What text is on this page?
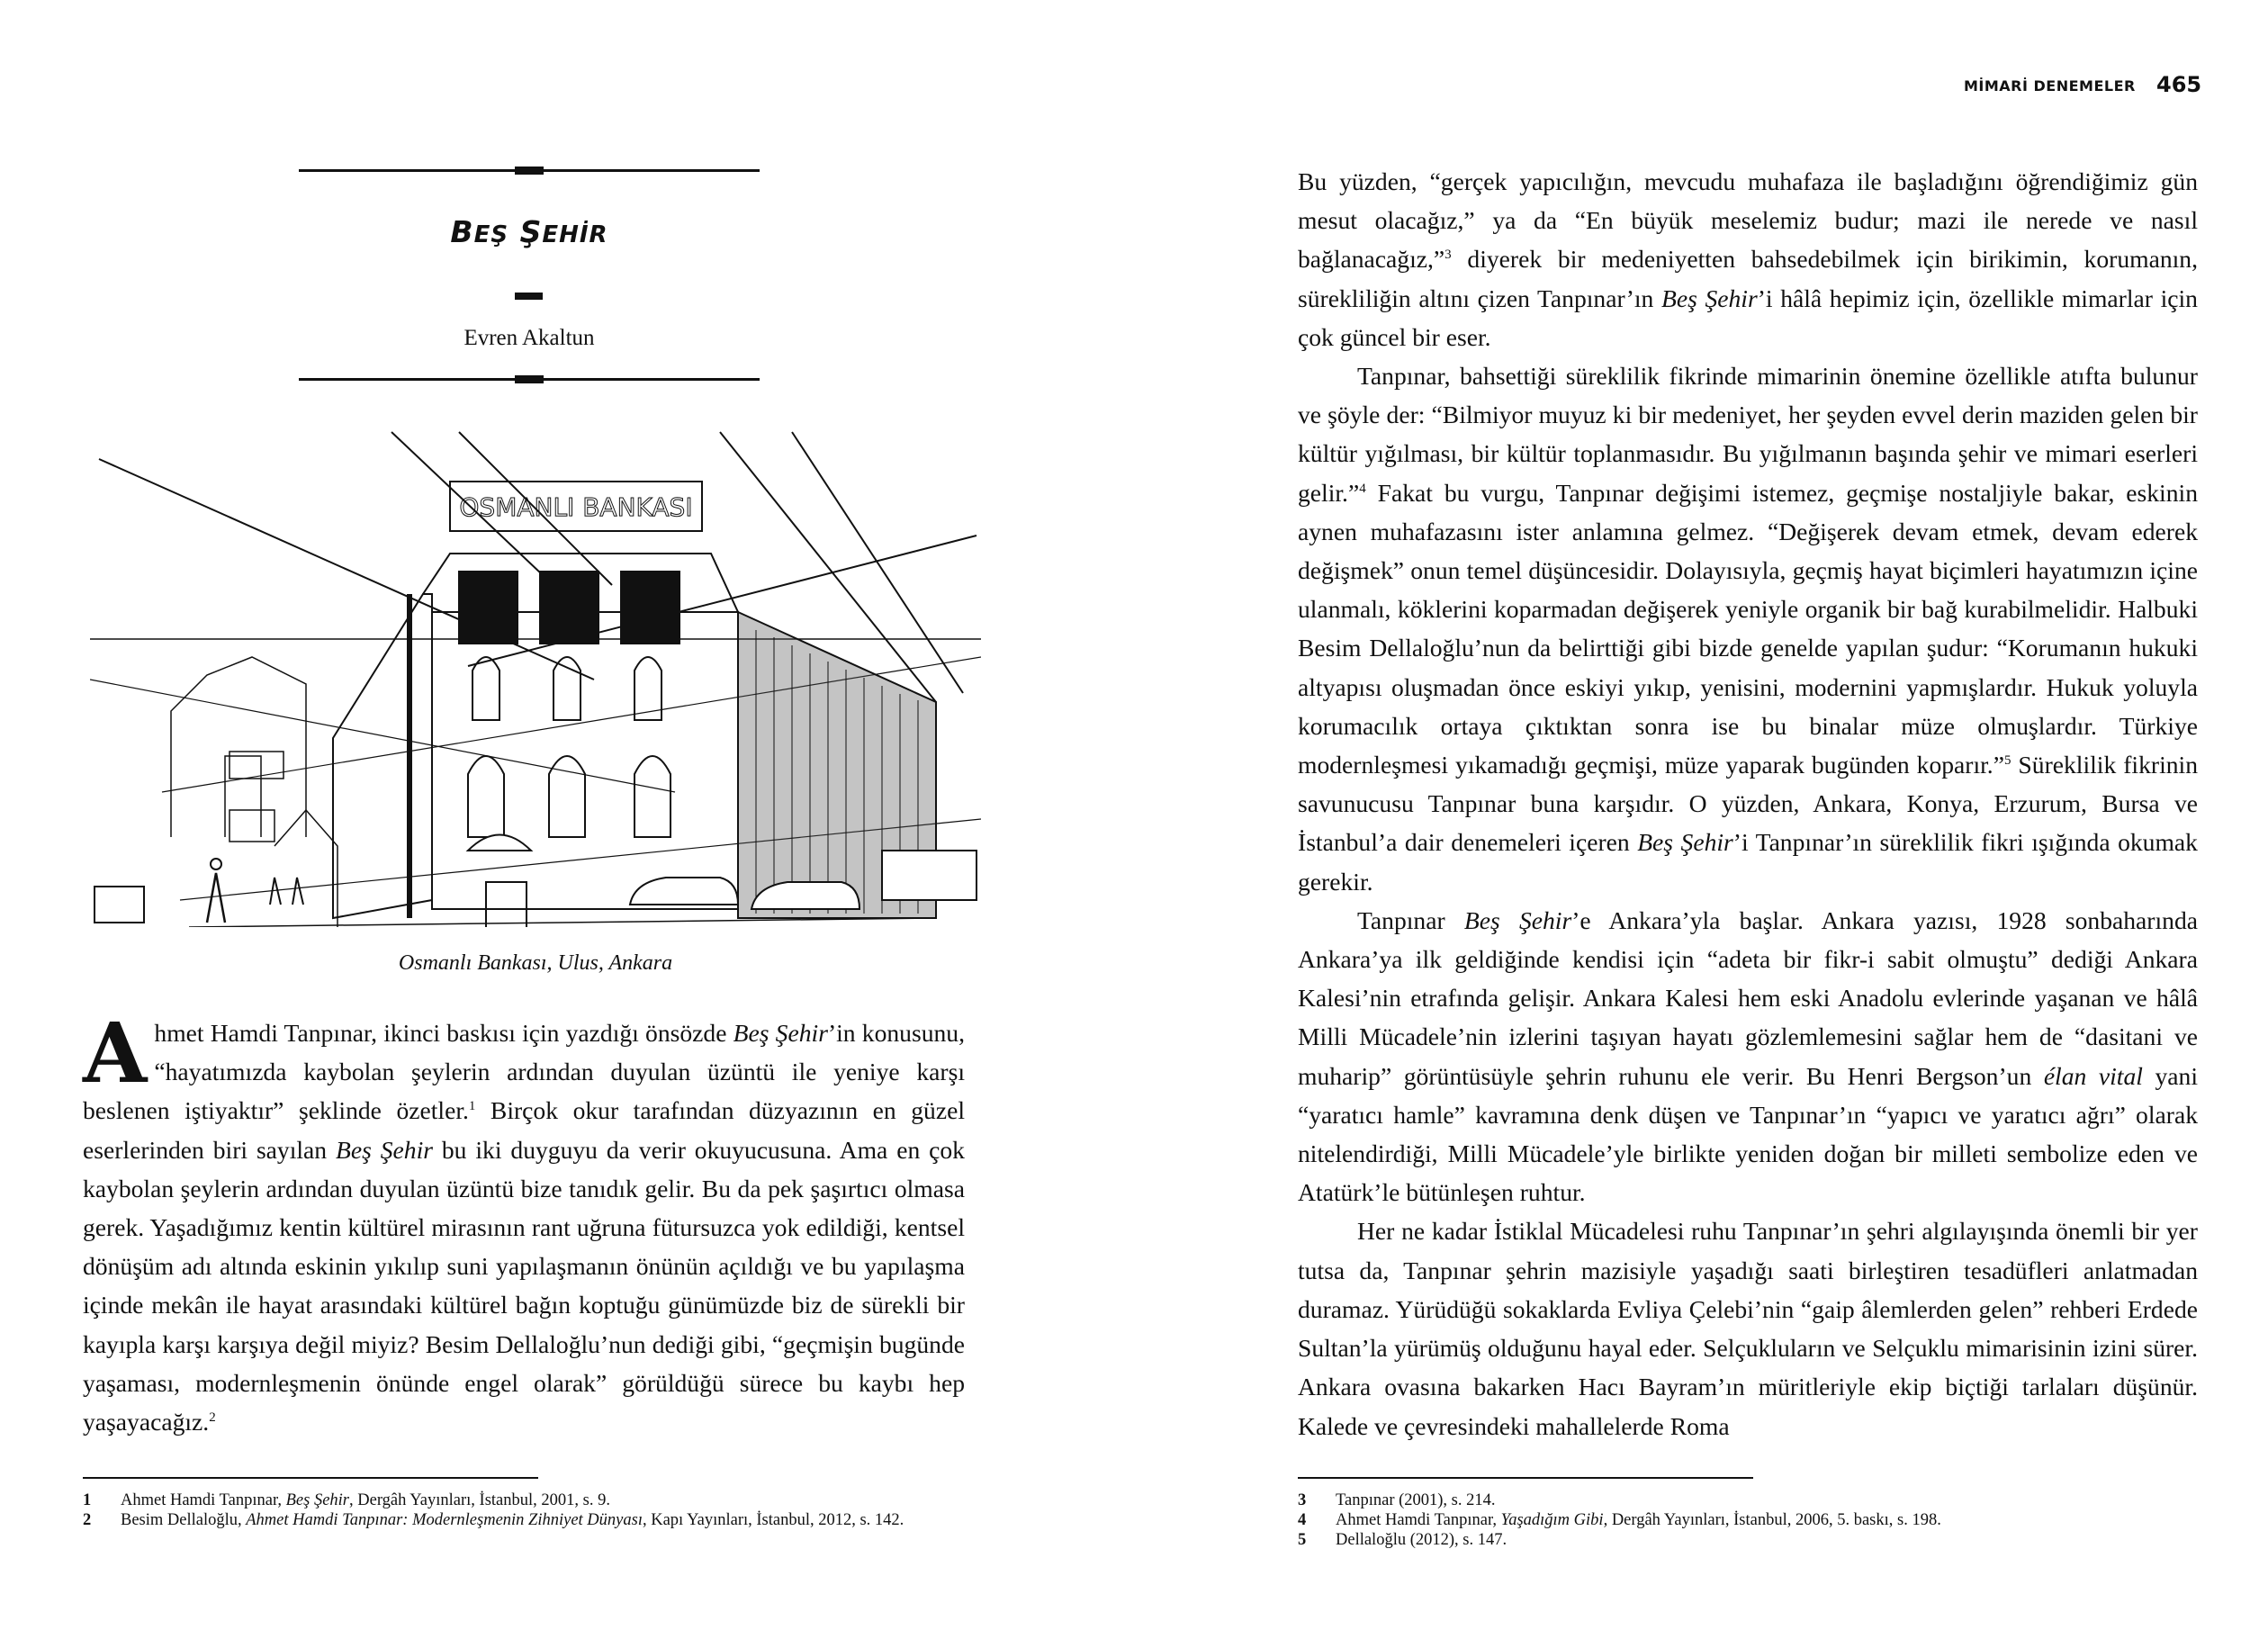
BEŞ ŞEHİR
Evren Akaltun
OSMANLI BANKASI
Osmanlı Bankası, Ulus, Ankara
Ahmet Hamdi Tanpınar, ikinci baskısı için yazdığı önsözde Beş Şehir’in konusunu, “hayatımızda kaybolan şeylerin ardından duyulan üzüntü ile yeniye karşı beslenen iştiyaktır” şeklinde özetler.$^1$ Birçok okur tarafından düzyazının en güzel eserlerinden biri sayılan Beş Şehir bu iki duyguyu da verir okuyucusuna. Ama en çok kaybolan şeylerin ardından duyulan üzüntü bize tanıdık gelir. Bu da pek şaşırtıcı olmasa gerek. Yaşadığımız kentin kültürel mirasının rant uğruna fütursuzca yok edildiği, kentsel dönüşüm adı altında eskinin yıkılıp suni yapılaşmanın önünün açıldığı ve bu yapılaşma içinde mekân ile hayat arasındaki kültürel bağın koptuğu günümüzde biz de sürekli bir kayıpla karşı karşıya değil miyiz? Besim Dellaloğlu’nun dediği gibi, “geçmişin bugünde yaşaması, modernleşmenin önünde engel olarak” görüldüğü sürece bu kaybı hep yaşayacağız.$^2$
1	Ahmet Hamdi Tanpınar, Beş Şehir, Dergâh Yayınları, İstanbul, 2001, s. 9.
2	Besim Dellaloğlu, Ahmet Hamdi Tanpınar: Modernleşmenin Zihniyet Dünyası, Kapı Yayınları, İstanbul, 2012, s. 142.
MİMARİ DENEMELER 465

Bu yüzden, “gerçek yapıcılığın, mevcudu muhafaza ile başladığını öğrendiğimiz gün mesut olacağız,” ya da “En büyük meselemiz budur; mazi ile nerede ve nasıl bağlanacağız,”$^3$ diyerek bir medeniyetten bahsedebilmek için birikimin, korumanın, sürekliliğin altını çizen Tanpınar’ın Beş Şehir’i hâlâ hepimiz için, özellikle mimarlar için çok güncel bir eser.

Tanpınar, bahsettiği süreklilik fikrinde mimarinin önemine özellikle atıfta bulunur ve şöyle der: “Bilmiyor muyuz ki bir medeniyet, her şeyden evvel derin maziden gelen bir kültür yığılması, bir kültür toplanmasıdır. Bu yığılmanın başında şehir ve mimari eserleri gelir.”$^4$ Fakat bu vurgu, Tanpınar değişimi istemez, geçmişe nostaljiyle bakar, eskinin aynen muhafazasını ister anlamına gelmez. “Değişerek devam etmek, devam ederek değişmek” onun temel düşüncesidir. Dolayısıyla, geçmiş hayat biçimleri hayatımızın içine ulanmalı, köklerini koparmadan değişerek yeniyle organik bir bağ kurabilmelidir. Halbuki Besim Dellaloğlu’nun da belirttiği gibi bizde genelde yapılan şudur: “Korumanın hukuki altyapısı oluşmadan önce eskiyi yıkıp, yenisini, modernini yapmışlardır. Hukuk yoluyla korumacılık ortaya çıktıktan sonra ise bu binalar müze olmuşlardır. Türkiye modernleşmesi yıkamadığı geçmişi, müze yaparak bugünden koparır.”$^5$ Süreklilik fikrinin savunucusu Tanpınar buna karşıdır. O yüzden, Ankara, Konya, Erzurum, Bursa ve İstanbul’a dair denemeleri içeren Beş Şehir’i Tanpınar’ın süreklilik fikri ışığında okumak gerekir.

Tanpınar Beş Şehir’e Ankara’yla başlar. Ankara yazısı, 1928 sonbaharında Ankara’ya ilk geldiğinde kendisi için “adeta bir fikr-i sabit olmuştu” dediği Ankara Kalesi’nin etrafında gelişir. Ankara Kalesi hem eski Anadolu evlerinde yaşanan ve hâlâ Milli Mücadele’nin izlerini taşıyan hayatı gözlemlemesini sağlar hem de “dasitani ve muharip” görüntüsüyle şehrin ruhunu ele verir. Bu Henri Bergson’un élan vital yani “yaratıcı hamle” kavramına denk düşen ve Tanpınar’ın “yapıcı ve yaratıcı ağrı” olarak nitelendirdiği, Milli Mücadele’yle birlikte yeniden doğan bir milleti sembolize eden ve Atatürk’le bütünleşen ruhtur.

Her ne kadar İstiklal Mücadelesi ruhu Tanpınar’ın şehri algılayışında önemli bir yer tutsa da, Tanpınar şehrin mazisiyle yaşadığı saati birleştiren tesadüfleri anlatmadan duramaz. Yürüdüğü sokaklarda Evliya Çelebi’nin “gaip âlemlerden gelen” rehberi Erdede Sultan’la yürümüş olduğunu hayal eder. Selçukluların ve Selçuklu mimarisinin izini sürer. Ankara ovasına bakarken Hacı Bayram’ın müritleriyle ekip biçtiği tarlaları düşünür. Kalede ve çevresindeki mahallelerde Roma

3	Tanpınar (2001), s. 214.
4	Ahmet Hamdi Tanpınar, Yaşadığım Gibi, Dergâh Yayınları, İstanbul, 2006, 5. baskı, s. 198.
5	Dellaloğlu (2012), s. 147.
